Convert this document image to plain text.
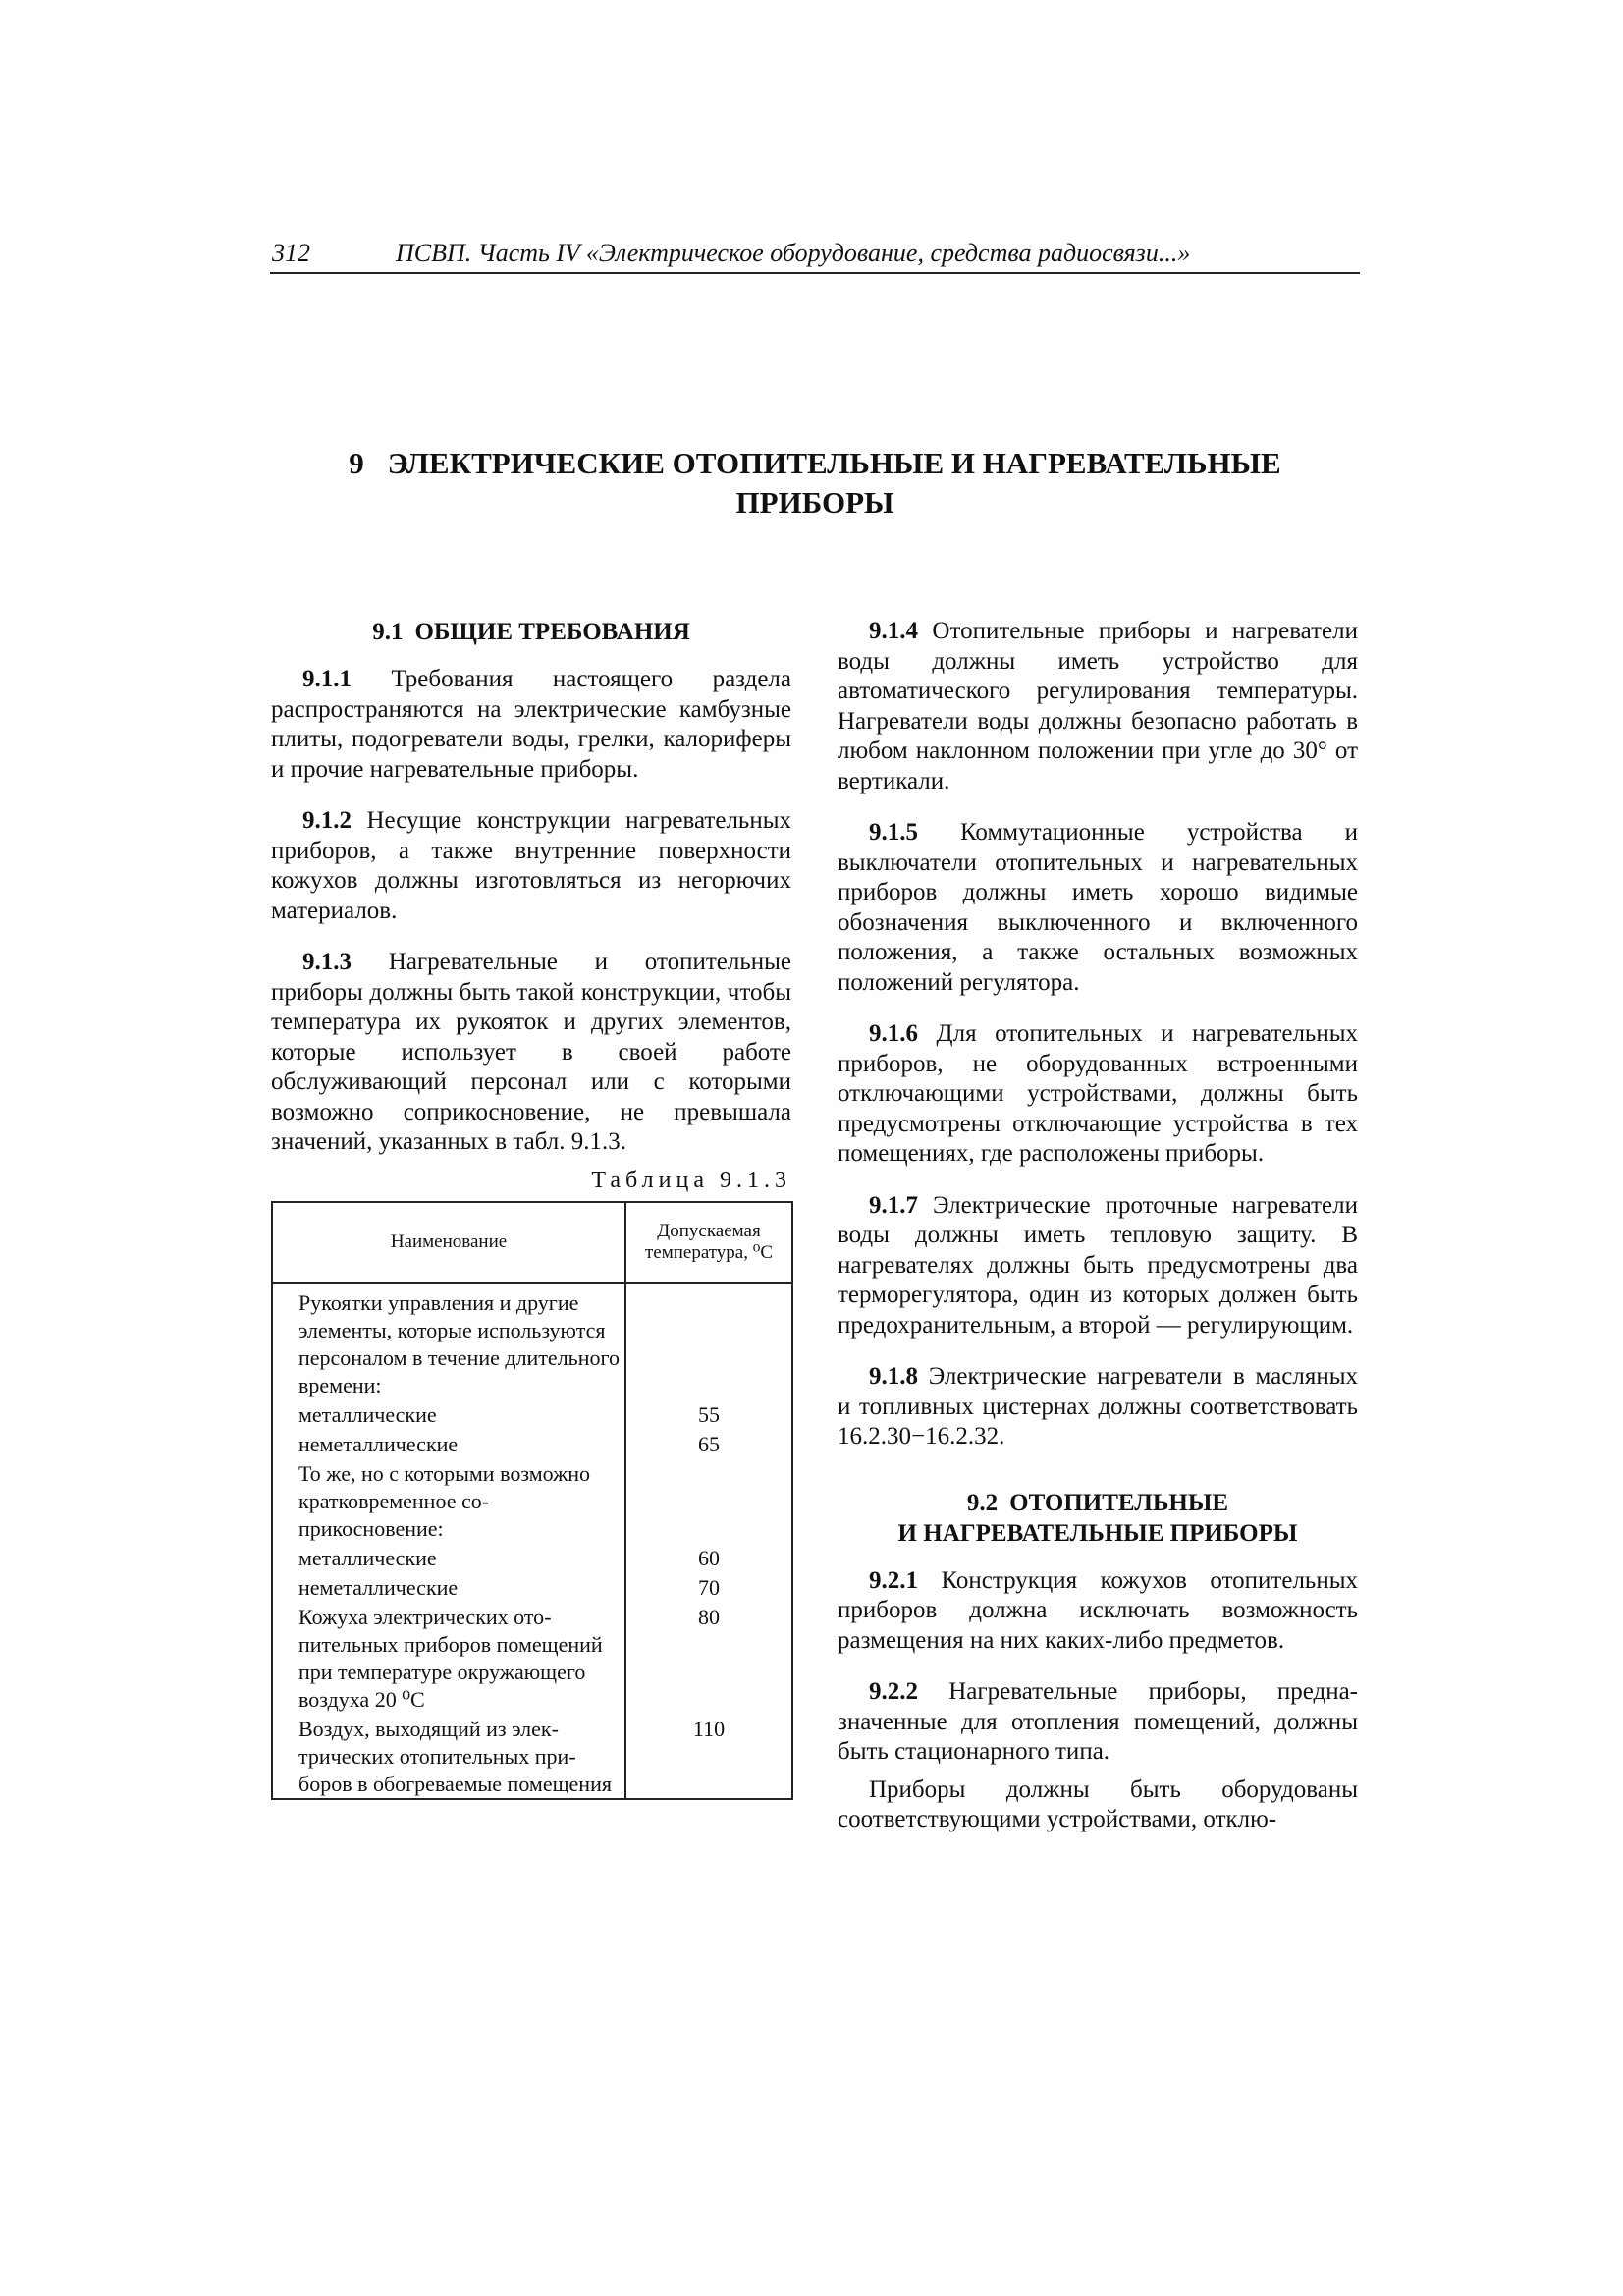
312	ПСВП. Часть IV «Электрическое оборудование, средства радиосвязи...»
9 ЭЛЕКТРИЧЕСКИЕ ОТОПИТЕЛЬНЫЕ И НАГРЕВАТЕЛЬНЫЕ
ПРИБОРЫ
9.1 ОБЩИЕ ТРЕБОВАНИЯ

9.1.1 Требования настоящего раздела распространяются на электрические камбузные плиты, подогреватели воды, грелки, калориферы и прочие нагревательные приборы.

9.1.2 Несущие конструкции нагревательных приборов, а также внутренние поверхности кожухов должны изготовляться из негорючих материалов.

9.1.3 Нагревательные и отопительные приборы должны быть такой конструкции, чтобы температура их рукояток и других элементов, которые использует в своей работе обслуживающий персонал или с которыми возможно соприкосновение, не превышала значений, указанных в табл. 9.1.3.

Таблица 9.1.3
Наименование	Допускаемая
температура, ⁰С

Рукоятки управления и другие элементы, которые используются персоналом в течение длительного времени:	
металлические	55
неметаллические	65
То же, но с которыми возможно кратковременное соприкосновение:	
металлические	60
неметаллические	70
Кожуха электрических отопительных приборов помещений при температуре окружающего воздуха 20 ⁰С	80
Воздух, выходящий из электрических отопительных приборов в обогреваемые помещения	110

9.1.4 Отопительные приборы и нагреватели воды должны иметь устройство для автоматического регулирования температуры. Нагреватели воды должны безопасно работать в любом наклонном положении при угле до 30° от вертикали.

9.1.5 Коммутационные устройства и выключатели отопительных и нагревательных приборов должны иметь хорошо видимые обозначения выключенного и включенного положения, а также остальных возможных положений регулятора.

9.1.6 Для отопительных и нагревательных приборов, не оборудованных встроенными отключающими устройствами, должны быть предусмотрены отключающие устройства в тех помещениях, где расположены приборы.

9.1.7 Электрические проточные нагреватели воды должны иметь тепловую защиту. В нагревателях должны быть предусмотрены два терморегулятора, один из которых должен быть предохранительным, а второй — регулирующим.

9.1.8 Электрические нагреватели в масляных и топливных цистернах должны соответствовать 16.2.30−16.2.32.

9.2 ОТОПИТЕЛЬНЫЕ
И НАГРЕВАТЕЛЬНЫЕ ПРИБОРЫ

9.2.1 Конструкция кожухов отопительных приборов должна исключать возможность размещения на них каких-либо предметов.

9.2.2 Нагревательные приборы, предназначенные для отопления помещений, должны быть стационарного типа.

Приборы должны быть оборудованы соответствующими устройствами, отклю-
